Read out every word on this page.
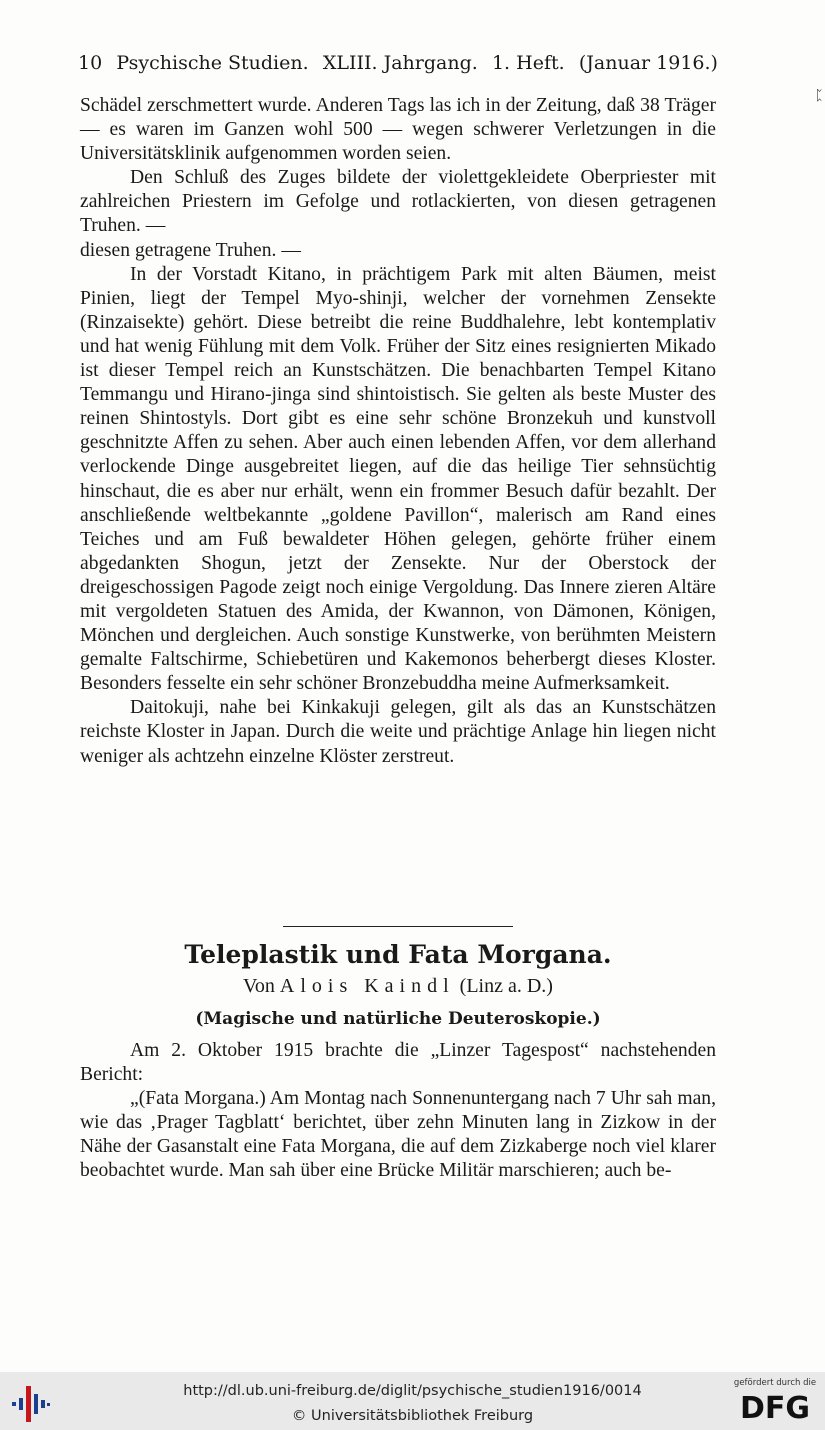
10 Psychische Studien. XLIII. Jahrgang. 1. Heft. (Januar 1916.)
ᛈ

Schädel zerschmettert wurde. Anderen Tags las ich in der Zeitung, daß 38 Träger — es waren im Ganzen wohl 500 — wegen schwerer Verletzungen in die Universitätsklinik aufgenommen worden seien.

Den Schluß des Zuges bildete der violettgekleidete Oberpriester mit zahlreichen Priestern im Gefolge und rotlackierten, von diesen getragenen Truhen. —

diesen getragene Truhen. —

In der Vorstadt Kitano, in prächtigem Park mit alten Bäumen, meist Pinien, liegt der Tempel Myo-shinji, welcher der vornehmen Zensekte (Rinzaisekte) gehört. Diese betreibt die reine Buddhalehre, lebt kontemplativ und hat wenig Fühlung mit dem Volk. Früher der Sitz eines resignierten Mikado ist dieser Tempel reich an Kunstschätzen. Die benachbarten Tempel Kitano Temmangu und Hirano-jinga sind shintoistisch. Sie gelten als beste Muster des reinen Shintostyls. Dort gibt es eine sehr schöne Bronzekuh und kunstvoll geschnitzte Affen zu sehen. Aber auch einen lebenden Affen, vor dem allerhand verlockende Dinge ausgebreitet liegen, auf die das heilige Tier sehnsüchtig hinschaut, die es aber nur erhält, wenn ein frommer Besuch dafür bezahlt. Der anschließende weltbekannte „goldene Pavillon“, malerisch am Rand eines Teiches und am Fuß bewaldeter Höhen gelegen, gehörte früher einem abgedankten Shogun, jetzt der Zensekte. Nur der Oberstock der dreigeschossigen Pagode zeigt noch einige Vergoldung. Das Innere zieren Altäre mit vergoldeten Statuen des Amida, der Kwannon, von Dämonen, Königen, Mönchen und dergleichen. Auch sonstige Kunstwerke, von berühmten Meistern gemalte Faltschirme, Schiebetüren und Kakemonos beherbergt dieses Kloster. Besonders fesselte ein sehr schöner Bronzebuddha meine Aufmerksamkeit.

Daitokuji, nahe bei Kinkakuji gelegen, gilt als das an Kunstschätzen reichste Kloster in Japan. Durch die weite und prächtige Anlage hin liegen nicht weniger als achtzehn einzelne Klöster zerstreut.

Teleplastik und Fata Morgana.
Von Alois Kaindl (Linz a. D.)
(Magische und natürliche Deuteroskopie.)

Am 2. Oktober 1915 brachte die „Linzer Tagespost“ nachstehenden Bericht:

„(Fata Morgana.) Am Montag nach Sonnenuntergang nach 7 Uhr sah man, wie das ‚Prager Tagblatt‘ berichtet, über zehn Minuten lang in Zizkow in der Nähe der Gasanstalt eine Fata Morgana, die auf dem Zizkaberge noch viel klarer beobachtet wurde. Man sah über eine Brücke Militär marschieren; auch be-

http://dl.ub.uni-freiburg.de/diglit/psychische_studien1916/0014
© Universitätsbibliothek Freiburg
gefördert durch die
DFG
